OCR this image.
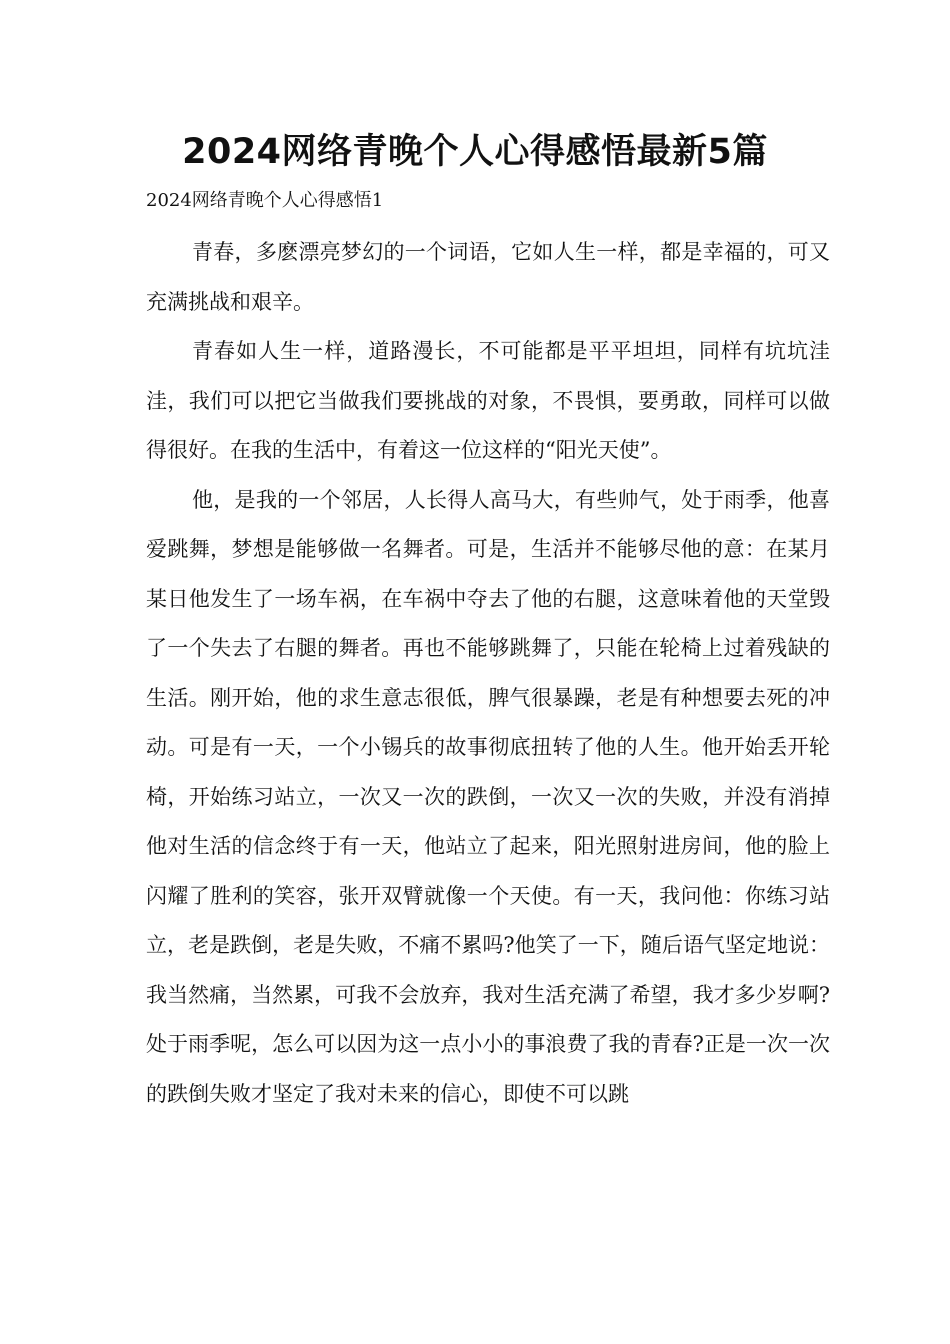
2024网络青晚个人心得感悟最新5篇
2024网络青晚个人心得感悟1

青春，多麽漂亮梦幻的一个词语，它如人生一样，都是幸福的，可又充满挑战和艰辛。

青春如人生一样，道路漫长，不可能都是平平坦坦，同样有坑坑洼洼，我们可以把它当做我们要挑战的对象，不畏惧，要勇敢，同样可以做得很好。在我的生活中，有着这一位这样的“阳光天使”。

他，是我的一个邻居，人长得人高马大，有些帅气，处于雨季，他喜爱跳舞，梦想是能够做一名舞者。可是，生活并不能够尽他的意：在某月某日他发生了一场车祸，在车祸中夺去了他的右腿，这意味着他的天堂毁了一个失去了右腿的舞者。再也不能够跳舞了，只能在轮椅上过着残缺的生活。刚开始，他的求生意志很低，脾气很暴躁，老是有种想要去死的冲动。可是有一天，一个小锡兵的故事彻底扭转了他的人生。他开始丢开轮椅，开始练习站立，一次又一次的跌倒，一次又一次的失败，并没有消掉他对生活的信念终于有一天，他站立了起来，阳光照射进房间，他的脸上闪耀了胜利的笑容，张开双臂就像一个天使。有一天，我问他：你练习站立，老是跌倒，老是失败，不痛不累吗?他笑了一下，随后语气坚定地说：我当然痛，当然累，可我不会放弃，我对生活充满了希望，我才多少岁啊?处于雨季呢，怎么可以因为这一点小小的事浪费了我的青春?正是一次一次的跌倒失败才坚定了我对未来的信心，即使不可以跳
